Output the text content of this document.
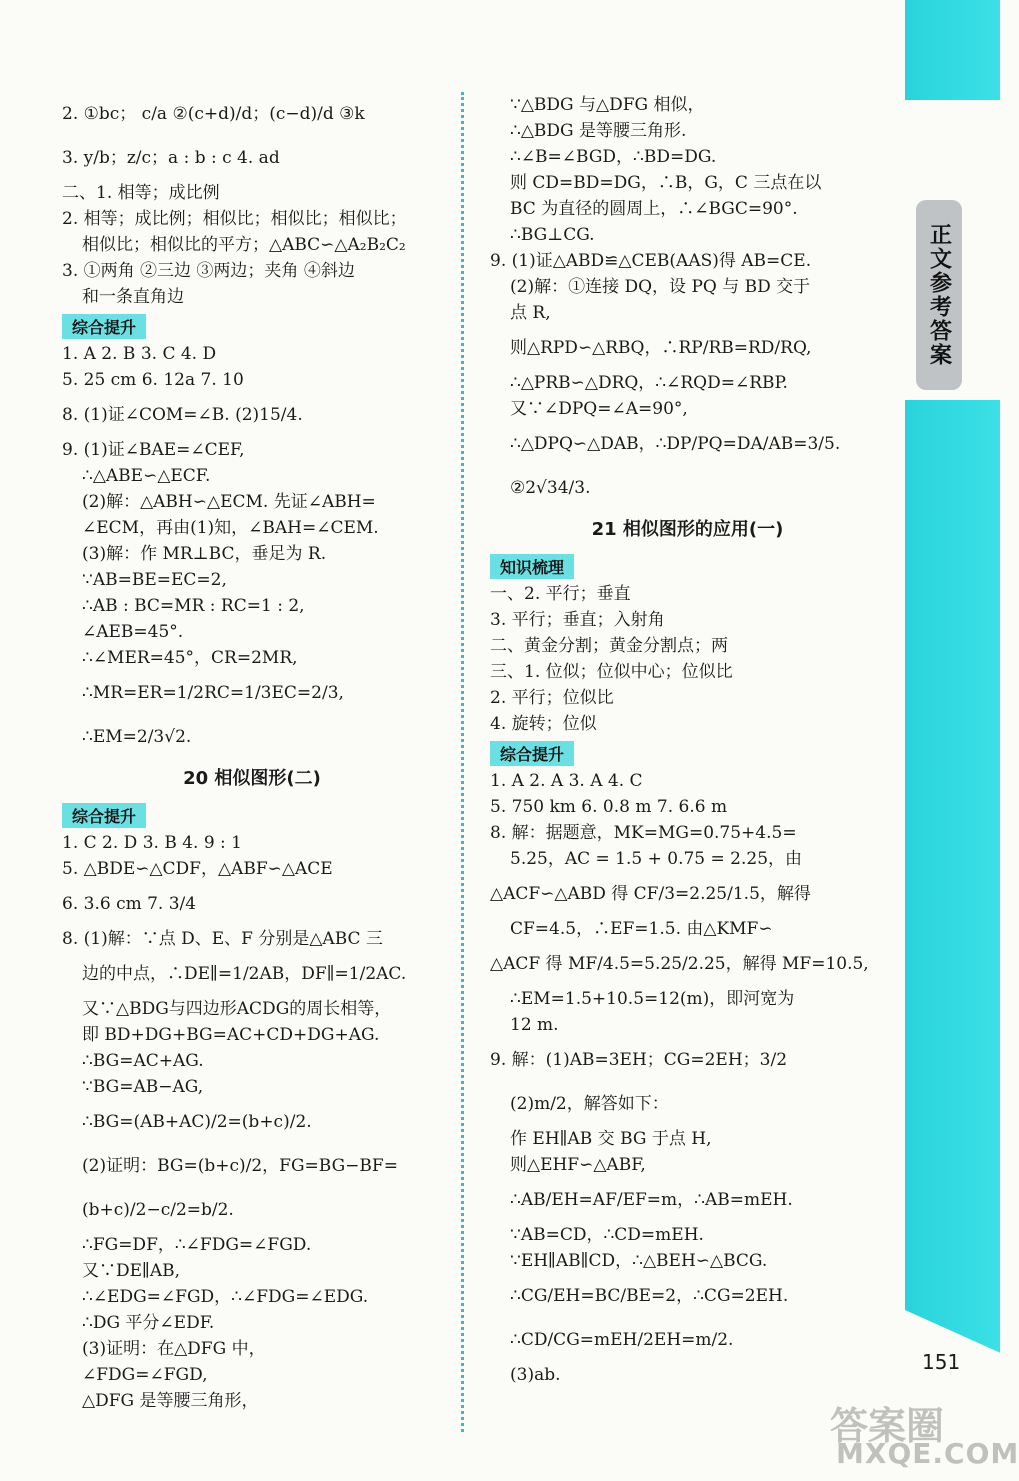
正文参考答案

2. ①bc； c/a ②(c+d)/d；(c−d)/d ③k

3. y/b；z/c；a : b : c 4. ad

二、1. 相等；成比例

2. 相等；成比例；相似比；相似比；相似比；

相似比；相似比的平方；△ABC∽△A₂B₂C₂

3. ①两角 ②三边 ③两边；夹角 ④斜边

和一条直角边

综合提升

1. A 2. B 3. C 4. D

5. 25 cm 6. 12a 7. 10

8. (1)证∠COM=∠B. (2)15/4.

9. (1)证∠BAE=∠CEF,

∴△ABE∽△ECF.

(2)解：△ABH∽△ECM. 先证∠ABH=

∠ECM，再由(1)知，∠BAH=∠CEM.

(3)解：作 MR⊥BC，垂足为 R.

∵AB=BE=EC=2,

∴AB : BC=MR : RC=1 : 2,

∠AEB=45°.

∴∠MER=45°，CR=2MR,

∴MR=ER=1/2RC=1/3EC=2/3,

∴EM=2/3√2.

20 相似图形(二)
综合提升

1. C 2. D 3. B 4. 9 : 1

5. △BDE∽△CDF，△ABF∽△ACE

6. 3.6 cm 7. 3/4

8. (1)解：∵点 D、E、F 分别是△ABC 三

边的中点，∴DE∥=1/2AB，DF∥=1/2AC.

又∵△BDG与四边形ACDG的周长相等，

即 BD+DG+BG=AC+CD+DG+AG.

∴BG=AC+AG.

∵BG=AB−AG,

∴BG=(AB+AC)/2=(b+c)/2.

(2)证明：BG=(b+c)/2，FG=BG−BF=

(b+c)/2−c/2=b/2.

∴FG=DF，∴∠FDG=∠FGD.

又∵DE∥AB,

∴∠EDG=∠FGD，∴∠FDG=∠EDG.

∴DG 平分∠EDF.

(3)证明：在△DFG 中，

∠FDG=∠FGD,

△DFG 是等腰三角形，

∵△BDG 与△DFG 相似，

∴△BDG 是等腰三角形.

∴∠B=∠BGD，∴BD=DG.

则 CD=BD=DG，∴B，G，C 三点在以

BC 为直径的圆周上，∴∠BGC=90°.

∴BG⊥CG.

9. (1)证△ABD≌△CEB(AAS)得 AB=CE.

(2)解：①连接 DQ，设 PQ 与 BD 交于

点 R,

则△RPD∽△RBQ，∴RP/RB=RD/RQ,

∴△PRB∽△DRQ，∴∠RQD=∠RBP.

又∵∠DPQ=∠A=90°,

∴△DPQ∽△DAB，∴DP/PQ=DA/AB=3/5.

②2√34/3.

21 相似图形的应用(一)
知识梳理

一、2. 平行；垂直

3. 平行；垂直；入射角

二、黄金分割；黄金分割点；两

三、1. 位似；位似中心；位似比

2. 平行；位似比

4. 旋转；位似

综合提升

1. A 2. A 3. A 4. C

5. 750 km 6. 0.8 m 7. 6.6 m

8. 解：据题意，MK=MG=0.75+4.5=

5.25，AC = 1.5 + 0.75 = 2.25，由

△ACF∽△ABD 得 CF/3=2.25/1.5，解得

CF=4.5，∴EF=1.5. 由△KMF∽

△ACF 得 MF/4.5=5.25/2.25，解得 MF=10.5,

∴EM=1.5+10.5=12(m)，即河宽为

12 m.

9. 解：(1)AB=3EH；CG=2EH；3/2

(2)m/2，解答如下：

作 EH∥AB 交 BG 于点 H,

则△EHF∽△ABF,

∴AB/EH=AF/EF=m，∴AB=mEH.

∵AB=CD，∴CD=mEH.

∵EH∥AB∥CD，∴△BEH∽△BCG.

∴CG/EH=BC/BE=2，∴CG=2EH.

∴CD/CG=mEH/2EH=m/2.

(3)ab.

151
答案圈
MXQE.COM
